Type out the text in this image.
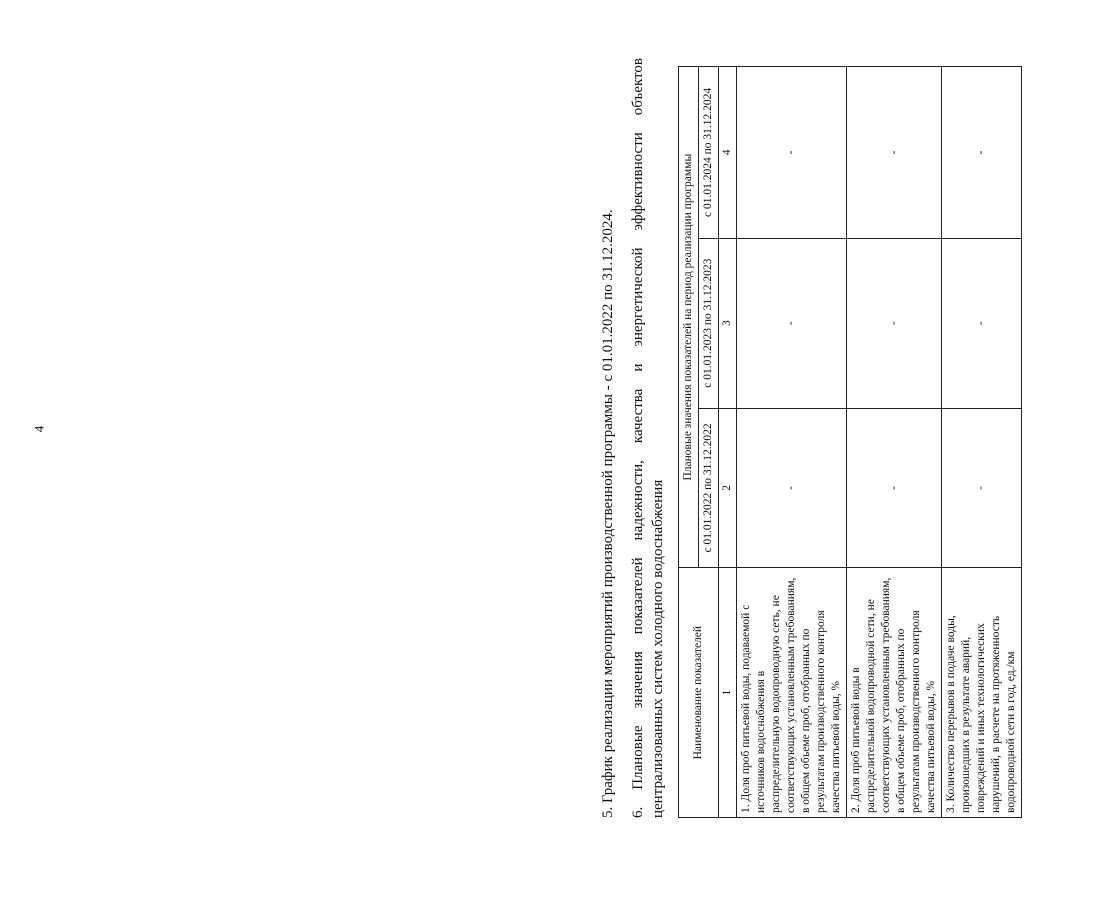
4	5. График реализации мероприятий производственной программы - с 01.01.2022 по 31.12.2024. 6. Плановые значения показателей надежности, качества и энергетической эффективности объектов централизованных систем холодного водоснабжения Наименование показателей	Плановые значения показателей на период реализации программы		
	с 01.01.2022 по 31.12.2022	с 01.01.2023 по 31.12.2023	с 01.01.2024 по 31.12.2024
1	2	3	4
1. Доля проб питьевой воды, подаваемой с источников водоснабжения в распределительную водопроводную сеть, не соответствующих установленным требованиям, в общем объеме проб, отобранных по результатам производственного контроля качества питьевой воды, %	-	-	-
2. Доля проб питьевой воды в распределительной водопроводной сети, не соответствующих установленным требованиям, в общем объеме проб, отобранных по результатам производственного контроля качества питьевой воды, %	-	-	-
3. Количество перерывов в подаче воды, произошедших в результате аварий, повреждений и иных технологических нарушений, в расчете на протяженность водопроводной сети в год, ед./км	-	-	-
